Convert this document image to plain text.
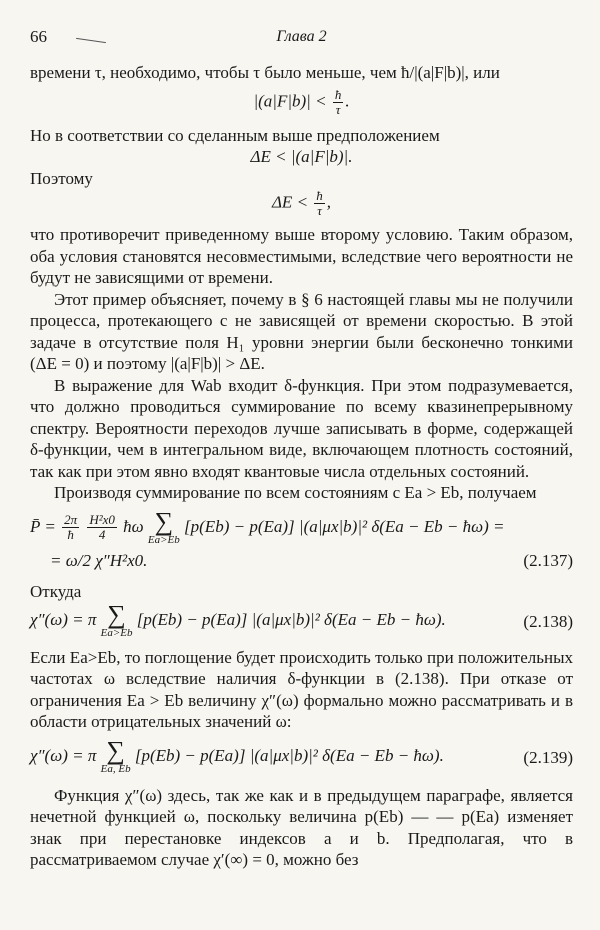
66	Глава 2

времени τ, необходимо, чтобы τ было меньше, чем ħ/|(a|F|b)|, или

$|(a|F|b)| < \frac{ħ}{\tau}$ .

Но в соответствии со сделанным выше предположением

ΔE < |(a|F|b)|.

Поэтому

$\Delta E < \frac{ħ}{\tau}$ ,

что противоречит приведенному выше второму условию. Таким образом, оба условия становятся несовместимыми, вследствие чего вероятности не будут не зависящими от времени.

Этот пример объясняет, почему в § 6 настоящей главы мы не получили процесса, протекающего с не зависящей от времени скоростью. В этой задаче в отсутствие поля H₁ уровни энергии были бесконечно тонкими (ΔE = 0) и поэтому |(a|F|b)| > ΔE.

В выражение для Wab входит δ-функция. При этом подразумевается, что должно проводиться суммирование по всему квазинепрерывному спектру. Вероятности переходов лучше записывать в форме, содержащей δ-функции, чем в интегральном виде, включающем плотность состояний, так как при этом явно входят квантовые числа отдельных состояний.

Производя суммирование по всем состояниям с Ea > Eb, получаем

P̄ = $\frac{2\pi}{ħ}$
$\frac{\text{H²x0}}{4}$ ħω ∑
Ea>Eb
[p(Eb) − p(Ea)] |(a|μx|b)|² δ(Ea − Eb − ħω) =
= ω/2 χ″H²x0.	(2.137)

Откуда

χ″(ω) = π ∑
Ea>Eb
[p(Eb) − p(Ea)] |(a|μx|b)|² δ(Ea − Eb − ħω).	(2.138)

Если Ea>Eb, то поглощение будет происходить только при положительных частотах ω вследствие наличия δ-функции в (2.138). При отказе от ограничения Ea > Eb величину χ″(ω) формально можно рассматривать и в области отрицательных значений ω:

χ″(ω) = π ∑
Ea, Eb
[p(Eb) − p(Ea)] |(a|μx|b)|² δ(Ea − Eb − ħω).	(2.139)

Функция χ″(ω) здесь, так же как и в предыдущем параграфе, является нечетной функцией ω, поскольку величина p(Eb) — — p(Ea) изменяет знак при перестановке индексов a и b. Предполагая, что в рассматриваемом случае χ′(∞) = 0, можно без
